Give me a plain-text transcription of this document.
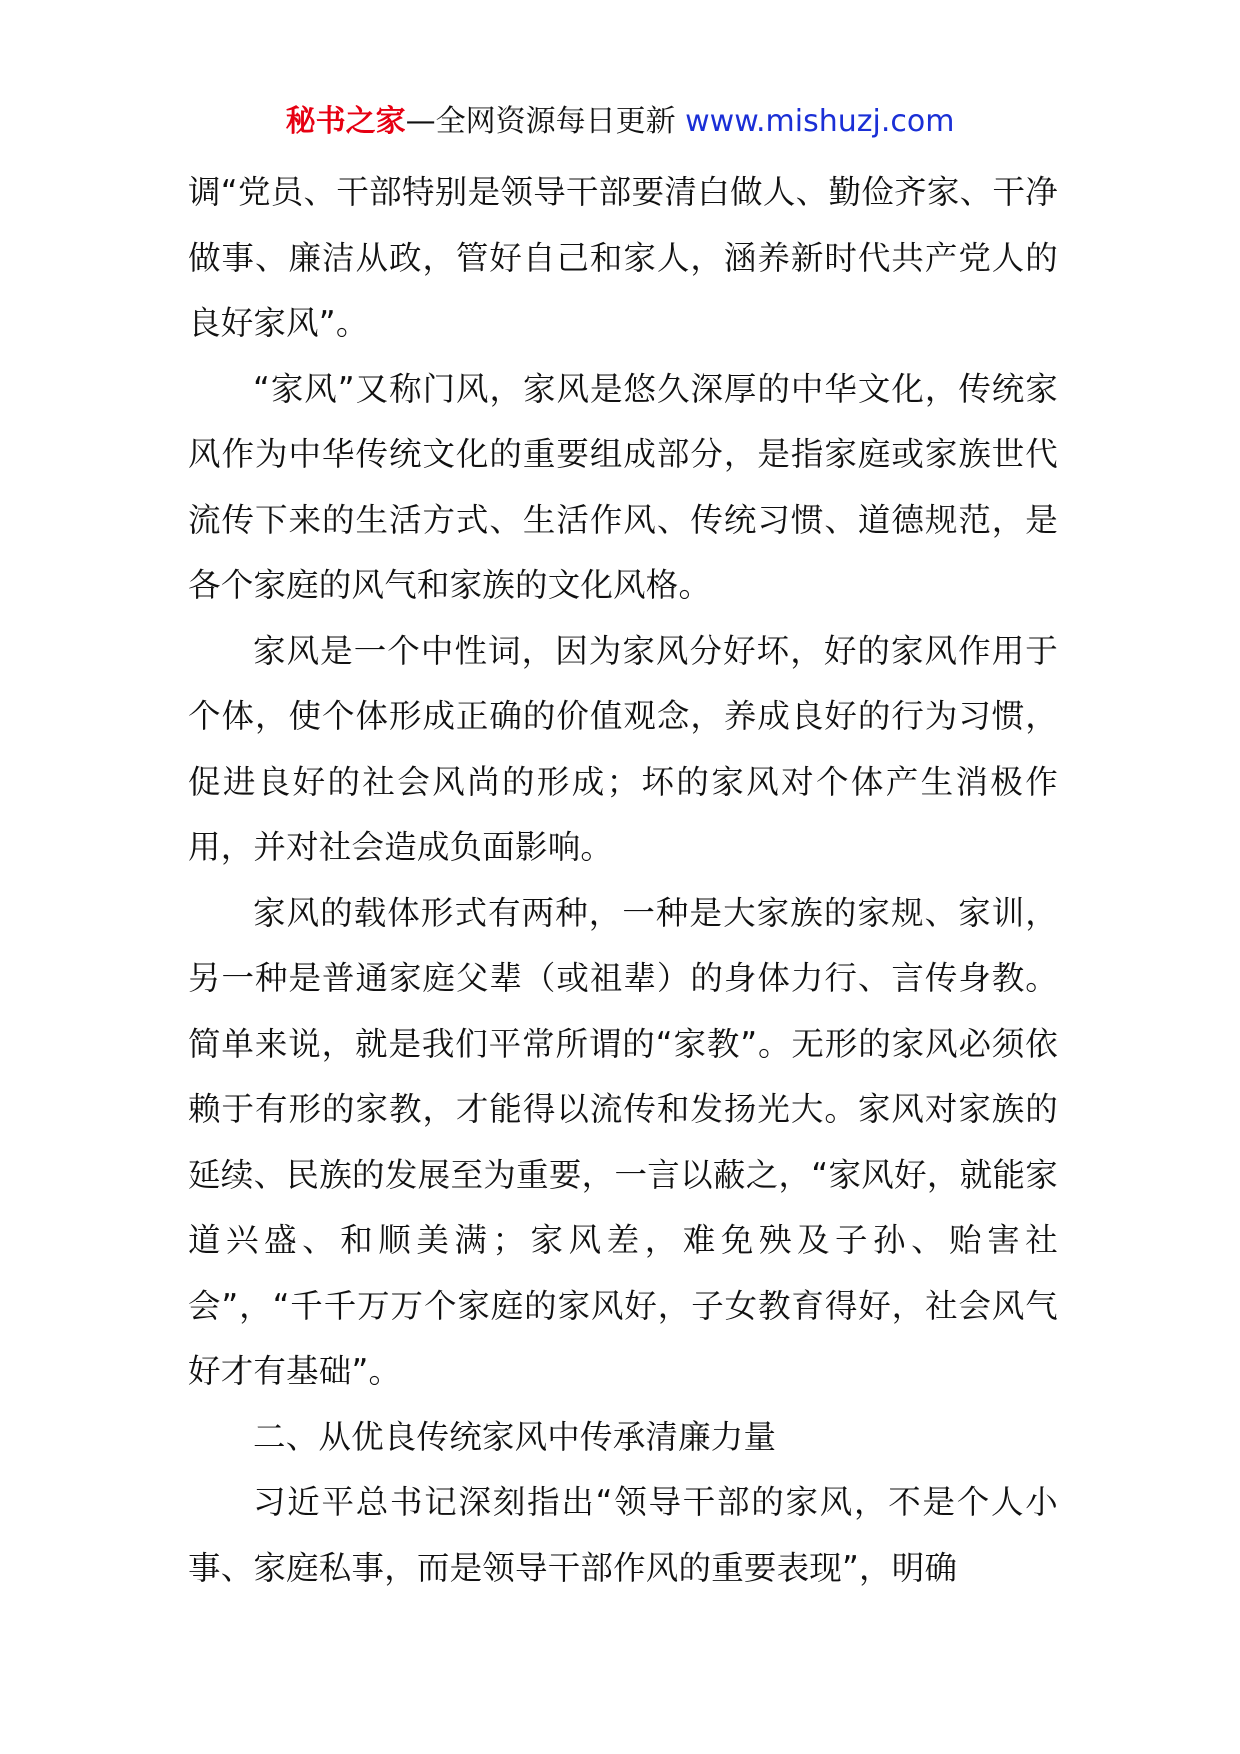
秘书之家—全网资源每日更新 www.mishuzj.com

调“党员、干部特别是领导干部要清白做人、勤俭齐家、干净做事、廉洁从政，管好自己和家人，涵养新时代共产党人的良好家风”。

“家风”又称门风，家风是悠久深厚的中华文化，传统家风作为中华传统文化的重要组成部分，是指家庭或家族世代流传下来的生活方式、生活作风、传统习惯、道德规范，是各个家庭的风气和家族的文化风格。

家风是一个中性词，因为家风分好坏，好的家风作用于个体，使个体形成正确的价值观念，养成良好的行为习惯，促进良好的社会风尚的形成；坏的家风对个体产生消极作用，并对社会造成负面影响。

家风的载体形式有两种，一种是大家族的家规、家训，另一种是普通家庭父辈（或祖辈）的身体力行、言传身教。简单来说，就是我们平常所谓的“家教”。无形的家风必须依赖于有形的家教，才能得以流传和发扬光大。家风对家族的延续、民族的发展至为重要，一言以蔽之，“家风好，就能家道兴盛、和顺美满；家风差，难免殃及子孙、贻害社会”，“千千万万个家庭的家风好，子女教育得好，社会风气好才有基础”。

二、从优良传统家风中传承清廉力量

习近平总书记深刻指出“领导干部的家风，不是个人小事、家庭私事，而是领导干部作风的重要表现”，明确
